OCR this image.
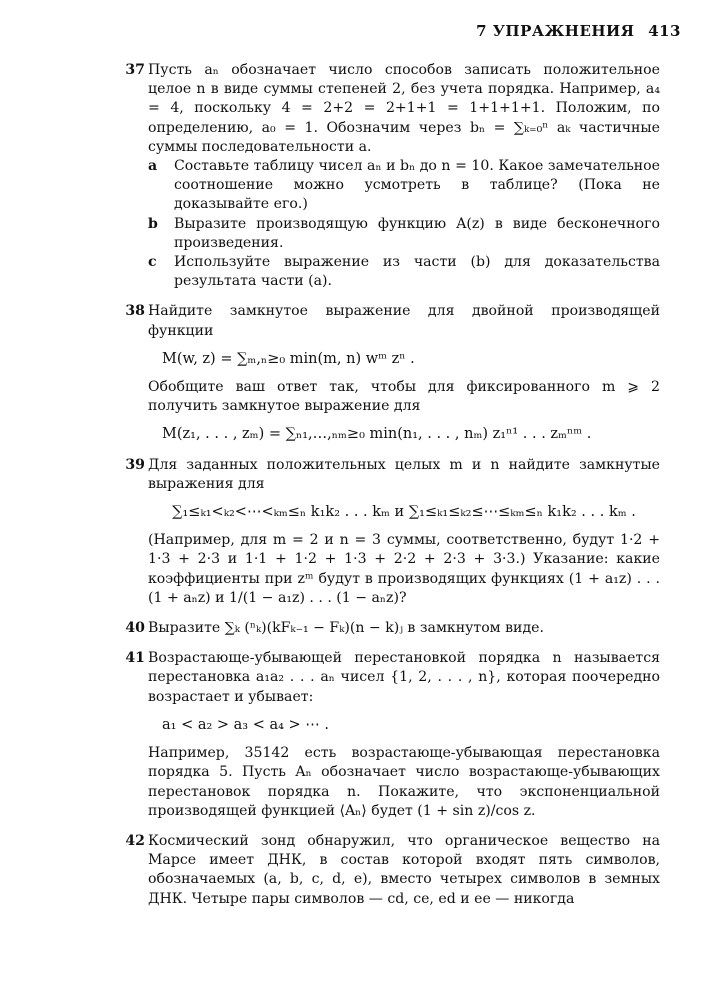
7 УПРАЖНЕНИЯ 413
37 Пусть aₙ обозначает число способов записать положительное целое n в виде суммы степеней 2, без учета порядка. Например, a₄ = 4, поскольку 4 = 2+2 = 2+1+1 = 1+1+1+1. Положим, по определению, a₀ = 1. Обозначим через bₙ = ∑ₖ₌₀ⁿ aₖ частичные суммы последовательности a.
a Составьте таблицу чисел aₙ и bₙ до n = 10. Какое замечательное соотношение можно усмотреть в таблице? (Пока не доказывайте его.)
b Выразите производящую функцию A(z) в виде бесконечного произведения.
c Используйте выражение из части (b) для доказательства результата части (a).
38 Найдите замкнутое выражение для двойной производящей функции
M(w, z) = ∑ₘ,ₙ≥₀ min(m, n) wᵐ zⁿ .
Обобщите ваш ответ так, чтобы для фиксированного m ⩾ 2 получить замкнутое выражение для
M(z₁, . . . , zₘ) = ∑ₙ₁,…,ₙₘ≥₀ min(n₁, . . . , nₘ) z₁ⁿ¹ . . . zₘⁿᵐ .
39 Для заданных положительных целых m и n найдите замкнутые выражения для
∑₁≤ₖ₁<ₖ₂<⋯<ₖₘ≤ₙ k₁k₂ . . . kₘ и ∑₁≤ₖ₁≤ₖ₂≤⋯≤ₖₘ≤ₙ k₁k₂ . . . kₘ .
(Например, для m = 2 и n = 3 суммы, соответственно, будут 1·2 + 1·3 + 2·3 и 1·1 + 1·2 + 1·3 + 2·2 + 2·3 + 3·3.) Указание: какие коэффициенты при zᵐ будут в производящих функциях (1 + a₁z) . . . (1 + aₙz) и 1/(1 − a₁z) . . . (1 − aₙz)?
40 Выразите ∑ₖ (ⁿₖ)(kFₖ₋₁ − Fₖ)(n − k)ⱼ в замкнутом виде.
41 Возрастающе-убывающей перестановкой порядка n называется перестановка a₁a₂ . . . aₙ чисел {1, 2, . . . , n}, которая поочередно возрастает и убывает:
a₁ < a₂ > a₃ < a₄ > ⋯ .
Например, 35142 есть возрастающе-убывающая перестановка порядка 5. Пусть Aₙ обозначает число возрастающе-убывающих перестановок порядка n. Покажите, что экспоненциальной производящей функцией ⟨Aₙ⟩ будет (1 + sin z)/cos z.
42 Космический зонд обнаружил, что органическое вещество на Марсе имеет ДНК, в состав которой входят пять символов, обозначаемых (a, b, c, d, e), вместо четырех символов в земных ДНК. Четыре пары символов — cd, ce, ed и ee — никогда
